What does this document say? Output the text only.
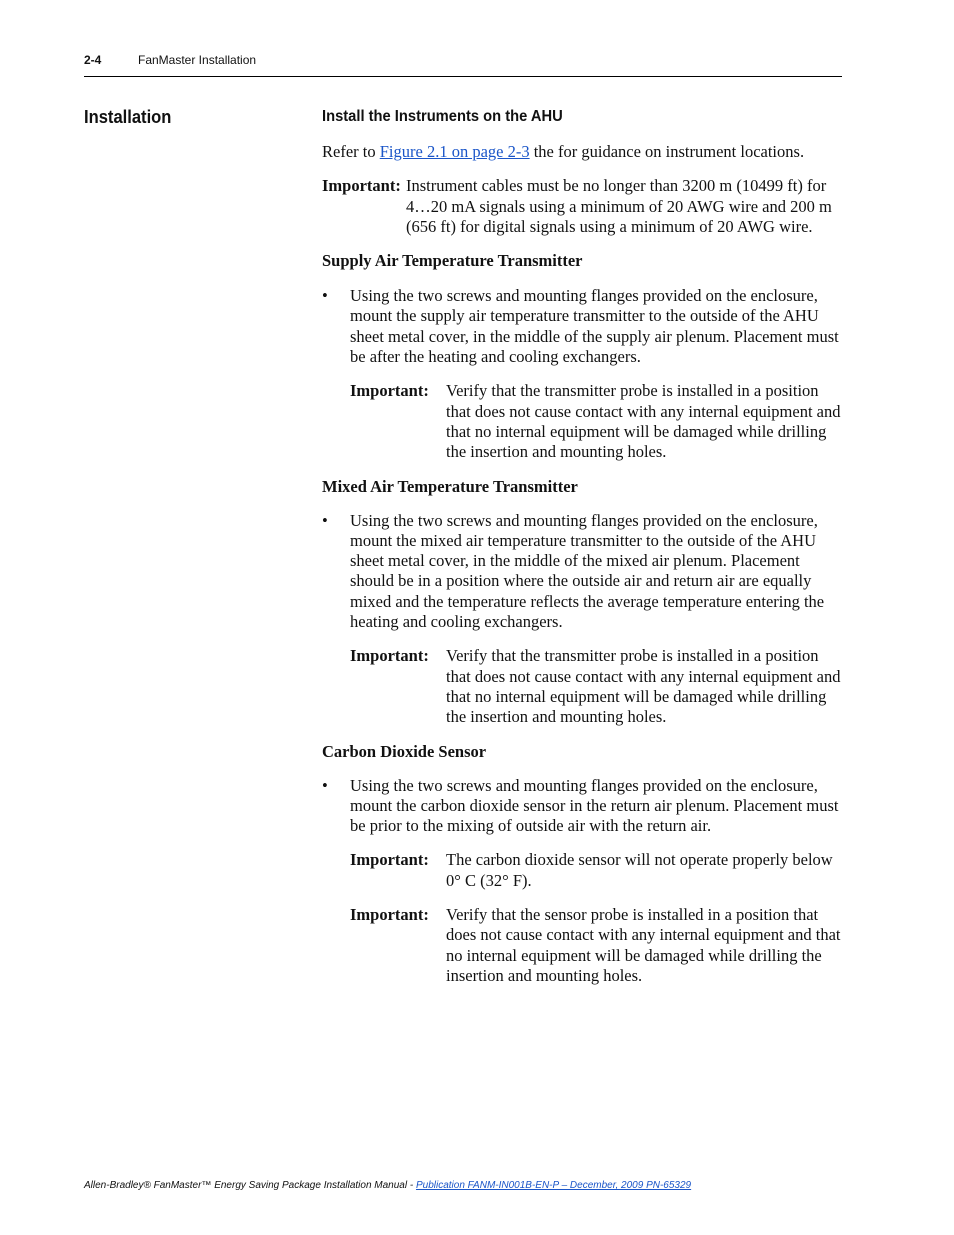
2-4	FanMaster Installation
Installation	Install the Instruments on the AHU

Refer to Figure 2.1 on page 2-3 the for guidance on instrument locations.

Important: Instrument cables must be no longer than 3200 m (10499 ft) for 4…20 mA signals using a minimum of 20 AWG wire and 200 m (656 ft) for digital signals using a minimum of 20 AWG wire.
Supply Air Temperature Transmitter
•	Using the two screws and mounting flanges provided on the enclosure, mount the supply air temperature transmitter to the outside of the AHU sheet metal cover, in the middle of the supply air plenum. Placement must be after the heating and cooling exchangers.
Important:	Verify that the transmitter probe is installed in a position that does not cause contact with any internal equipment and that no internal equipment will be damaged while drilling the insertion and mounting holes.
Mixed Air Temperature Transmitter
•	Using the two screws and mounting flanges provided on the enclosure, mount the mixed air temperature transmitter to the outside of the AHU sheet metal cover, in the middle of the mixed air plenum. Placement should be in a position where the outside air and return air are equally mixed and the temperature reflects the average temperature entering the heating and cooling exchangers.
Important:	Verify that the transmitter probe is installed in a position that does not cause contact with any internal equipment and that no internal equipment will be damaged while drilling the insertion and mounting holes.
Carbon Dioxide Sensor
•	Using the two screws and mounting flanges provided on the enclosure, mount the carbon dioxide sensor in the return air plenum. Placement must be prior to the mixing of outside air with the return air.
Important:	The carbon dioxide sensor will not operate properly below 0° C (32° F).
Important:	Verify that the sensor probe is installed in a position that does not cause contact with any internal equipment and that no internal equipment will be damaged while drilling the insertion and mounting holes.
Allen-Bradley® FanMaster™ Energy Saving Package Installation Manual - Publication FANM-IN001B-EN-P – December, 2009 PN-65329
